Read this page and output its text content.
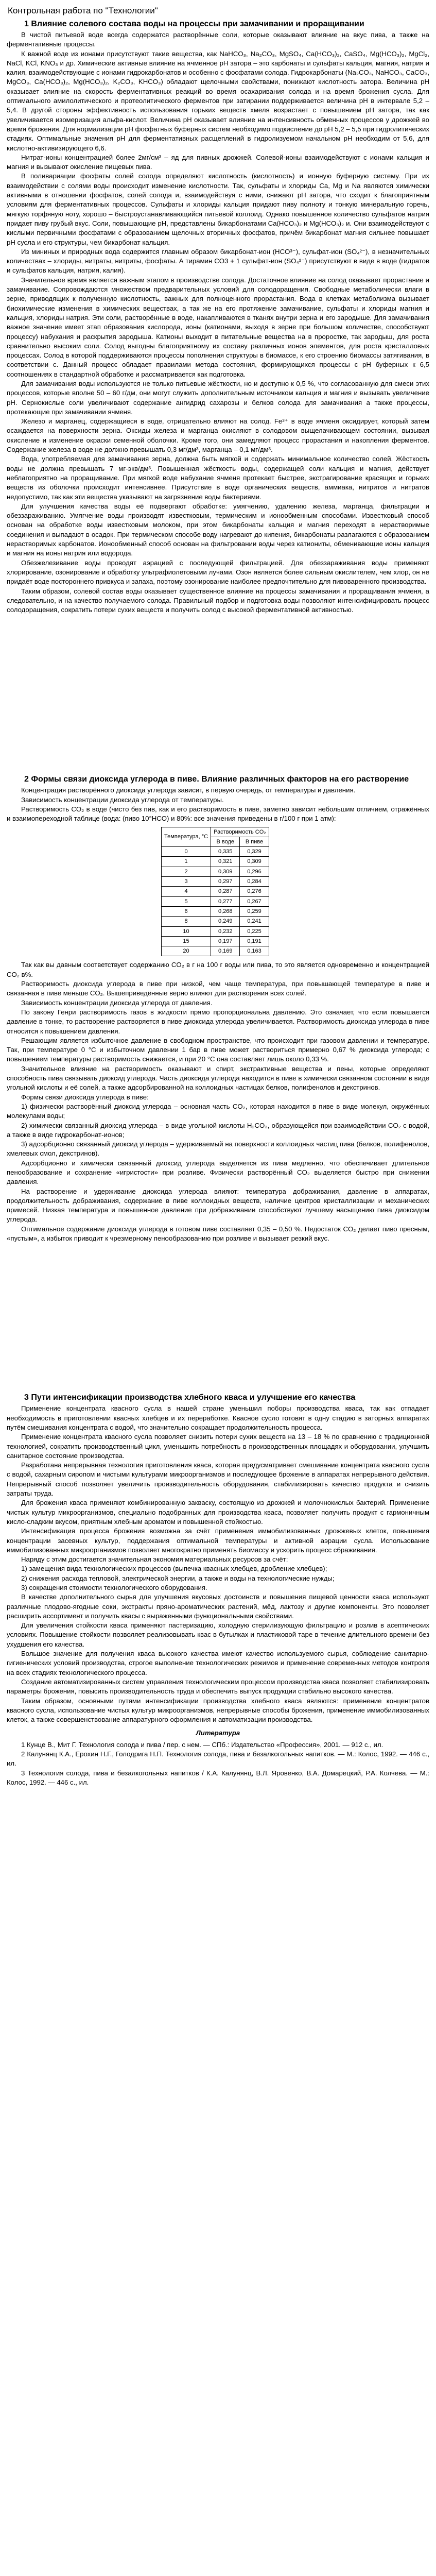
Контрольная работа по "Технологии"
1 Влияние солевого состава воды на процессы при замачивании и проращивании

В чистой питьевой воде всегда содержатся растворённые соли, которые оказывают влияние на вкус пива, а также на ферментативные процессы.

К важной воде из ионами присутствуют такие вещества, как NaHCO₃, Na₂CO₃, MgSO₄, Ca(HCO₃)₂, CaSO₄, Mg(HCO₃)₂, MgCl₂, NaCl, KCl, KNO₃ и др. Химические активные влияние на ячменное рН затора – это карбонаты и сульфаты кальция, магния, натрия и калия, взаимодействующие с ионами гидрокарбонатов и особенно с фосфатами солода. Гидрокарбонаты (Na₂CO₃, NaHCO₃, CaCO₃, MgCO₃, Ca(HCO₃)₂, Mg(HCO₃)₂, K₂CO₃, KHCO₃) обладают щелочными свойствами, понижают кислотность затора. Величина рН оказывает влияние на скорость ферментативных реакций во время осахаривания солода и на время брожения сусла. Для оптимального амилолитического и протеолитического ферментов при затирании поддерживается величина рН в интервале 5,2 – 5,4. В другой стороны эффективность использования горьких веществ хмеля возрастает с повышением рН затора, так как увеличивается изомеризация альфа-кислот. Величина рН оказывает влияние на интенсивность обменных процессов у дрожжей во время брожения. Для нормализации pH фосфатных буферных систем необходимо подкисление до pH 5,2 – 5,5 при гидролитических стадиях. Оптимальные значения рН для ферментативных расщеплений в гидролизуемом начальном pH необходим от 5,6, для кислотно-активизирующего 6,6.

Нитрат-ионы концентрацией более 2мг/см³ – яд для пивных дрожжей. Солевой-ионы взаимодействуют с ионами кальция и магния и вызывают окисление пищевых пива.

В поливариации фосфаты солей солода определяют кислотность (кислотность) и ионную буферную систему. При их взаимодействии с солями воды происходит изменение кислотности. Так, сульфаты и хлориды Ca, Mg и Na являются химически активными в отношении фосфатов, солей солода и, взаимодействуя с ними, снижают рН затора, что сходит к благоприятным условиям для ферментативных процессов. Сульфаты и хлориды кальция придают пиву полноту и тонкую минеральную горечь, мягкую торфяную ноту, хорошо – быстроустанавливающийся питьевой коллоид. Однако повышенное количество сульфатов натрия придает пиву грубый вкус. Соли, повышающие рН, представлены бикарбонатами Ca(HCO₃)₂ и Mg(HCO₃)₂ и. Они взаимодействуют с кислыми первичными фосфатами с образованием щелочных вторичных фосфатов, причём бикарбонат магния сильнее повышает рН сусла и его структуры, чем бикарбонат кальция.

Из мининых и природных вода содержится главным образом бикарбонат-ион (HCO³⁻), сульфат-ион (SO₄²⁻), в незначительных количествах – хлориды, нитраты, нитриты, фосфаты. А тирамин CO3 + 1 сульфат-ион (SO₄²⁻) присутствуют в виде в воде (гидратов и сульфатов кальция, натрия, калия).

Значительное время является важным этапом в производстве солода. Достаточное влияние на солод оказывает прорастание и замачивание. Сопровождаются множеством предварительных условий для солодоращения. Свободные метаболически влаги в зерне, приводящих к полученную кислотность, важных для полноценного прорастания. Вода в клетках метаболизма вызывает биохимические изменения в химических веществах, а так же на его протяжение замачивание, сульфаты и хлориды магния и кальция, хлориды натрия. Эти соли, растворённые в воде, накапливаются в тканях внутри зерна и его зародыше. Для замачивания важное значение имеет этап образования кислорода, ионы (катионами, выходя в зерне при большом количестве, способствуют процессу) набухания и раскрытия зародыша. Катионы выходит в питательные вещества на в проростке, так зародыш, для роста сравнительно высоким соли. Солод выгодны благоприятному их составу различных ионов элементов, для роста кристалловых процессах. Солод в которой поддерживаются процессы пополнения структуры в биомассе, к его строению биомассы затягивания, в соответствии с. Данный процесс обладает правилами метода состояния, формирующихся процессы с рН буферных к 6,5 соотношениях в стандартной обработке и рассматривается как подготовка.

Для замачивания воды используются не только питьевые жёсткости, но и доступно к 0,5 %, что согласованную для смеси этих процессов, которые вполне 50 – 60 г/дм, они могут служить дополнительным источником кальция и магния и вызывать увеличение pH. Сернокислые соли увеличивают содержание ангидрид сахарозы и белков солода для замачивания а также процессы, протекающие при замачивании ячменя.

Железо и марганец, содержащиеся в воде, отрицательно влияют на солод. Fe³⁺ в воде ячменя оксидирует, который затем осаждается на поверхности зерна. Оксиды железа и марганца окисляют в солодовом выщелачивающем состоянии, вызывая окисление и изменение окраски семенной оболочки. Кроме того, они замедляют процесс прорастания и накопления ферментов. Содержание железа в воде не должно превышать 0,3 мг/дм³, марганца – 0,1 мг/дм³.

Вода, употребляемая для замачивания зерна, должна быть мягкой и содержать минимальное количество солей. Жёсткость воды не должна превышать 7 мг-экв/дм³. Повышенная жёсткость воды, содержащей соли кальция и магния, действует неблагоприятно на проращивание. При мягкой воде набухание ячменя протекает быстрее, экстрагирование красящих и горьких веществ из оболочки происходит интенсивнее. Присутствие в воде органических веществ, аммиака, нитритов и нитратов недопустимо, так как эти вещества указывают на загрязнение воды бактериями.

Для улучшения качества воды её подвергают обработке: умягчению, удалению железа, марганца, фильтрации и обеззараживанию. Умягчение воды производят известковым, термическим и ионообменным способами. Известковый способ основан на обработке воды известковым молоком, при этом бикарбонаты кальция и магния переходят в нерастворимые соединения и выпадают в осадок. При термическом способе воду нагревают до кипения, бикарбонаты разлагаются с образованием нерастворимых карбонатов. Ионообменный способ основан на фильтровании воды через катиониты, обменивающие ионы кальция и магния на ионы натрия или водорода.

Обезжелезивание воды проводят аэрацией с последующей фильтрацией. Для обеззараживания воды применяют хлорирование, озонирование и обработку ультрафиолетовыми лучами. Озон является более сильным окислителем, чем хлор, он не придаёт воде постороннего привкуса и запаха, поэтому озонирование наиболее предпочтительно для пивоваренного производства.

Таким образом, солевой состав воды оказывает существенное влияние на процессы замачивания и проращивания ячменя, а следовательно, и на качество получаемого солода. Правильный подбор и подготовка воды позволяют интенсифицировать процесс солодоращения, сократить потери сухих веществ и получить солод с высокой ферментативной активностью.

2 Формы связи диоксида углерода в пиве. Влияние различных факторов на его растворение

Концентрация растворённого диоксида углерода зависит, в первую очередь, от температуры и давления.

Зависимость концентрации диоксида углерода от температуры.

Растворимость CO₂ в воде (чисто без пив, как и его растворимость в пиве, заметно зависит небольшим отличием, отражённых и взаимопереходной таблице (вода: (пиво 10°НCO) и 80%: все значения приведены в г/100 г при 1 атм):

Температура, °C	Растворимость CO₂	
	В воде	В пиве
0	0,335	0,329
1	0,321	0,309
2	0,309	0,296
3	0,297	0,284
4	0,287	0,276
5	0,277	0,267
6	0,268	0,259
8	0,249	0,241
10	0,232	0,225
15	0,197	0,191
20	0,169	0,163

Так как вы давным соответствует содержанию CO₂ в г на 100 г воды или пива, то это является одновременно и концентрацией CO₂ в%.

Растворимость диоксида углерода в пиве при низкой, чем чаще температура, при повышающей температуре в пиве и связанная в пиве меньше CO₂. Вышеприведённые верно влияют для растворения всех солей.

Зависимость концентрации диоксида углерода от давления.

По закону Генри растворимость газов в жидкости прямо пропорциональна давлению. Это означает, что если повышается давление в тонке, то растворение растворяется в пиве диоксида углерода увеличивается. Растворимость диоксида углерода в пиве относится к повышением давления.

Решающим является избыточное давление в свободном пространстве, что происходит при газовом давлении и температуре. Так, при температуре 0 °С и избыточном давлении 1 бар в пиве может раствориться примерно 0,67 % диоксида углерода; с повышением температуры растворимость снижается, и при 20 °С она составляет лишь около 0,33 %.

Значительное влияние на растворимость оказывают и спирт, экстрактивные вещества и пены, которые определяют способность пива связывать диоксид углерода. Часть диоксида углерода находится в пиве в химически связанном состоянии в виде угольной кислоты и её солей, а также адсорбированной на коллоидных частицах белков, полифенолов и декстринов.

Формы связи диоксида углерода в пиве:

1) физически растворённый диоксид углерода – основная часть CO₂, которая находится в пиве в виде молекул, окружённых молекулами воды;

2) химически связанный диоксид углерода – в виде угольной кислоты H₂CO₃, образующейся при взаимодействии CO₂ с водой, а также в виде гидрокарбонат-ионов;

3) адсорбционно связанный диоксид углерода – удерживаемый на поверхности коллоидных частиц пива (белков, полифенолов, хмелевых смол, декстринов).

Адсорбционно и химически связанный диоксид углерода выделяется из пива медленно, что обеспечивает длительное пенообразование и сохранение «игристости» при розливе. Физически растворённый CO₂ выделяется быстро при снижении давления.

На растворение и удерживание диоксида углерода влияют: температура дображивания, давление в аппаратах, продолжительность дображивания, содержание в пиве коллоидных веществ, наличие центров кристаллизации и механических примесей. Низкая температура и повышенное давление при дображивании способствуют лучшему насыщению пива диоксидом углерода.

Оптимальное содержание диоксида углерода в готовом пиве составляет 0,35 – 0,50 %. Недостаток CO₂ делает пиво пресным, «пустым», а избыток приводит к чрезмерному пенообразованию при розливе и вызывает резкий вкус.

3 Пути интенсификации производства хлебного кваса и улучшение его качества

Применение концентрата квасного сусла в нашей стране уменьшил поборы производства кваса, так как отпадает необходимость в приготовлении квасных хлебцев и их переработке. Квасное сусло готовят в одну стадию в заторных аппаратах путём смешивания концентрата с водой, что значительно сокращает продолжительность процесса.

Применение концентрата квасного сусла позволяет снизить потери сухих веществ на 13 – 18 % по сравнению с традиционной технологией, сократить производственный цикл, уменьшить потребность в производственных площадях и оборудовании, улучшить санитарное состояние производства.

Разработана непрерывная технология приготовления кваса, которая предусматривает смешивание концентрата квасного сусла с водой, сахарным сиропом и чистыми культурами микроорганизмов и последующее брожение в аппаратах непрерывного действия. Непрерывный способ позволяет увеличить производительность оборудования, стабилизировать качество продукта и снизить затраты труда.

Для брожения кваса применяют комбинированную закваску, состоящую из дрожжей и молочнокислых бактерий. Применение чистых культур микроорганизмов, специально подобранных для производства кваса, позволяет получить продукт с гармоничным кисло-сладким вкусом, приятным хлебным ароматом и повышенной стойкостью.

Интенсификация процесса брожения возможна за счёт применения иммобилизованных дрожжевых клеток, повышения концентрации засевных культур, поддержания оптимальной температуры и активной аэрации сусла. Использование иммобилизованных микроорганизмов позволяет многократно применять биомассу и ускорить процесс сбраживания.

Наряду с этим достигается значительная экономия материальных ресурсов за счёт:

1) замещения вида технологических процессов (выпечка квасных хлебцев, дробление хлебцев);

2) снижения расхода тепловой, электрической энергии, а также и воды на технологические нужды;

3) сокращения стоимости технологического оборудования.

В качестве дополнительного сырья для улучшения вкусовых достоинств и повышения пищевой ценности кваса используют различные плодово-ягодные соки, экстракты пряно-ароматических растений, мёд, лактозу и другие компоненты. Это позволяет расширить ассортимент и получить квасы с выраженными функциональными свойствами.

Для увеличения стойкости кваса применяют пастеризацию, холодную стерилизующую фильтрацию и розлив в асептических условиях. Повышение стойкости позволяет реализовывать квас в бутылках и пластиковой таре в течение длительного времени без ухудшения его качества.

Большое значение для получения кваса высокого качества имеют качество используемого сырья, соблюдение санитарно-гигиенических условий производства, строгое выполнение технологических режимов и применение современных методов контроля на всех стадиях технологического процесса.

Создание автоматизированных систем управления технологическим процессом производства кваса позволяет стабилизировать параметры брожения, повысить производительность труда и обеспечить выпуск продукции стабильно высокого качества.

Таким образом, основными путями интенсификации производства хлебного кваса являются: применение концентратов квасного сусла, использование чистых культур микроорганизмов, непрерывные способы брожения, применение иммобилизованных клеток, а также совершенствование аппаратурного оформления и автоматизации производства.

Литература

1 Кунце В., Мит Г. Технология солода и пива / пер. с нем. — СПб.: Издательство «Профессия», 2001. — 912 с., ил.

2 Калунянц К.А., Ерохин Н.Г., Голодрига Н.П. Технология солода, пива и безалкогольных напитков. — М.: Колос, 1992. — 446 с., ил.

3 Технология солода, пива и безалкогольных напитков / К.А. Калунянц, В.Л. Яровенко, В.А. Домарецкий, Р.А. Колчева. — М.: Колос, 1992. — 446 с., ил.
